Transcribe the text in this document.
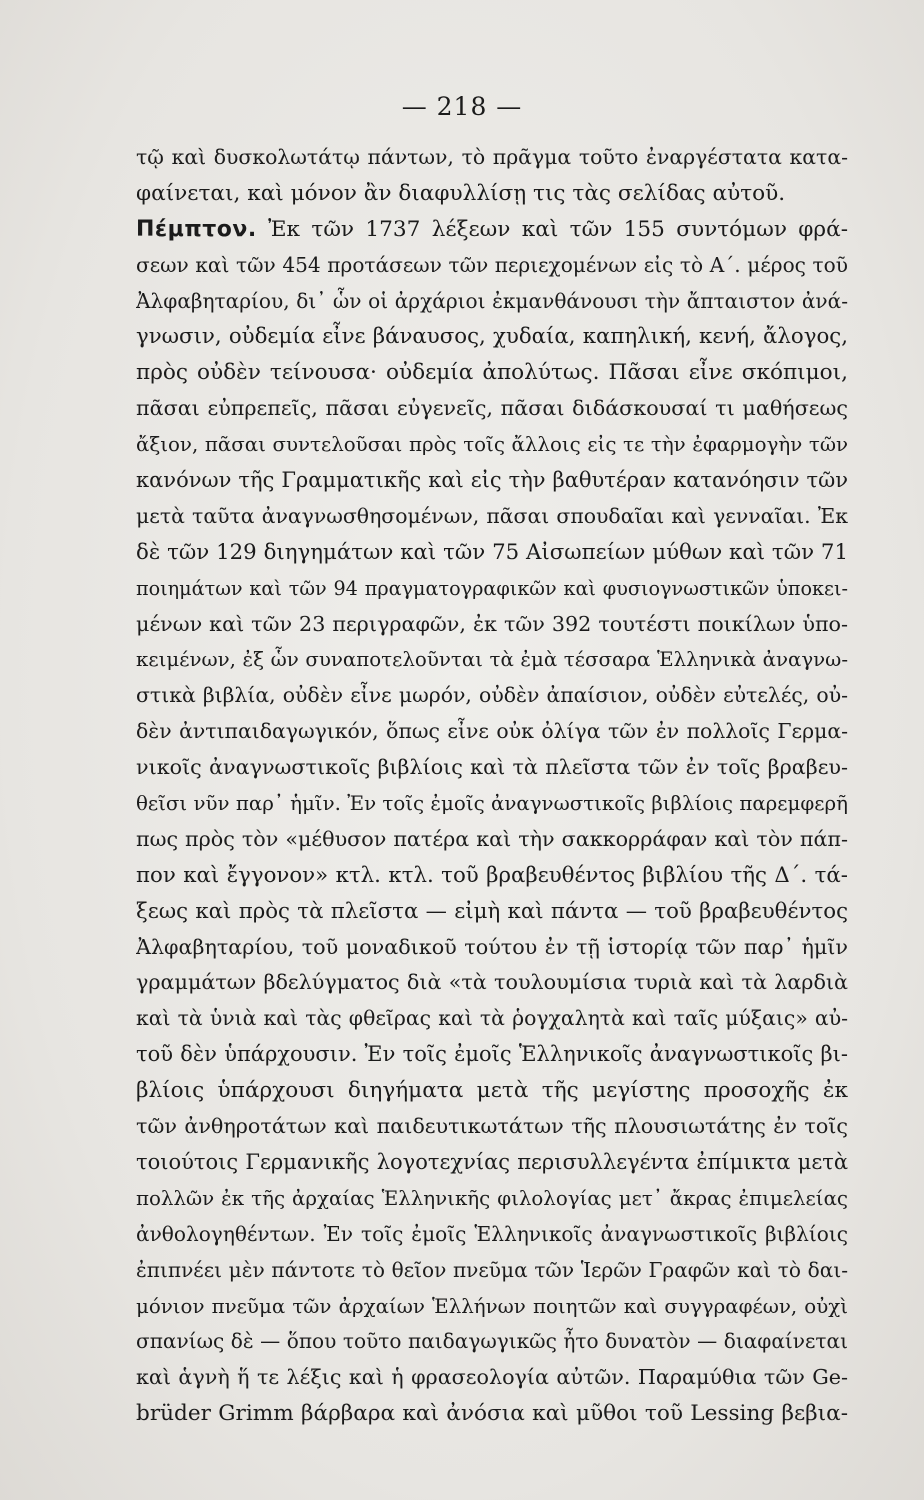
— 218 —
τῷ καὶ δυσκολωτάτῳ πάντων, τὸ πρᾶγμα τοῦτο ἐναργέστατα κατα-
φαίνεται, καὶ μόνον ἂν διαφυλλίσῃ τις τὰς σελίδας αὐτοῦ.
Πέμπτον. Ἐκ τῶν 1737 λέξεων καὶ τῶν 155 συντόμων φρά-
σεων καὶ τῶν 454 προτάσεων τῶν περιεχομένων εἰς τὸ Α΄. μέρος τοῦ
Ἀλφαβηταρίου, δι᾽ ὧν οἱ ἀρχάριοι ἐκμανθάνουσι τὴν ἄπταιστον ἀνά-
γνωσιν, οὐδεμία εἶνε βάναυσος, χυδαία, καπηλική, κενή, ἄλογος,
πρὸς οὐδὲν τείνουσα· οὐδεμία ἀπολύτως. Πᾶσαι εἶνε σκόπιμοι,
πᾶσαι εὐπρεπεῖς, πᾶσαι εὐγενεῖς, πᾶσαι διδάσκουσαί τι μαθήσεως
ἄξιον, πᾶσαι συντελοῦσαι πρὸς τοῖς ἄλλοις εἰς τε τὴν ἐφαρμογὴν τῶν
κανόνων τῆς Γραμματικῆς καὶ εἰς τὴν βαθυτέραν κατανόησιν τῶν
μετὰ ταῦτα ἀναγνωσθησομένων, πᾶσαι σπουδαῖαι καὶ γενναῖαι. Ἐκ
δὲ τῶν 129 διηγημάτων καὶ τῶν 75 Αἰσωπείων μύθων καὶ τῶν 71
ποιημάτων καὶ τῶν 94 πραγματογραφικῶν καὶ φυσιογνωστικῶν ὑποκει-
μένων καὶ τῶν 23 περιγραφῶν, ἐκ τῶν 392 τουτέστι ποικίλων ὑπο-
κειμένων, ἐξ ὧν συναποτελοῦνται τὰ ἐμὰ τέσσαρα Ἑλληνικὰ ἀναγνω-
στικὰ βιβλία, οὐδὲν εἶνε μωρόν, οὐδὲν ἀπαίσιον, οὐδὲν εὐτελές, οὐ-
δὲν ἀντιπαιδαγωγικόν, ὅπως εἶνε οὐκ ὀλίγα τῶν ἐν πολλοῖς Γερμα-
νικοῖς ἀναγνωστικοῖς βιβλίοις καὶ τὰ πλεῖστα τῶν ἐν τοῖς βραβευ-
θεῖσι νῦν παρ᾽ ἡμῖν. Ἐν τοῖς ἐμοῖς ἀναγνωστικοῖς βιβλίοις παρεμφερῆ
πως πρὸς τὸν «μέθυσον πατέρα καὶ τὴν σακκορράφαν καὶ τὸν πάπ-
πον καὶ ἔγγονον» κτλ. κτλ. τοῦ βραβευθέντος βιβλίου τῆς Δ΄. τά-
ξεως καὶ πρὸς τὰ πλεῖστα — εἰμὴ καὶ πάντα — τοῦ βραβευθέντος
Ἀλφαβηταρίου, τοῦ μοναδικοῦ τούτου ἐν τῇ ἱστορίᾳ τῶν παρ᾽ ἡμῖν
γραμμάτων βδελύγματος διὰ «τὰ τουλουμίσια τυριὰ καὶ τὰ λαρδιὰ
καὶ τὰ ὑνιὰ καὶ τὰς φθεῖρας καὶ τὰ ῥογχαλητὰ καὶ ταῖς μύξαις» αὐ-
τοῦ δὲν ὑπάρχουσιν. Ἐν τοῖς ἐμοῖς Ἑλληνικοῖς ἀναγνωστικοῖς βι-
βλίοις ὑπάρχουσι διηγήματα μετὰ τῆς μεγίστης προσοχῆς ἐκ
τῶν ἀνθηροτάτων καὶ παιδευτικωτάτων τῆς πλουσιωτάτης ἐν τοῖς
τοιούτοις Γερμανικῆς λογοτεχνίας περισυλλεγέντα ἐπίμικτα μετὰ
πολλῶν ἐκ τῆς ἀρχαίας Ἑλληνικῆς φιλολογίας μετ᾽ ἄκρας ἐπιμελείας
ἀνθολογηθέντων. Ἐν τοῖς ἐμοῖς Ἑλληνικοῖς ἀναγνωστικοῖς βιβλίοις
ἐπιπνέει μὲν πάντοτε τὸ θεῖον πνεῦμα τῶν Ἱερῶν Γραφῶν καὶ τὸ δαι-
μόνιον πνεῦμα τῶν ἀρχαίων Ἑλλήνων ποιητῶν καὶ συγγραφέων, οὐχὶ
σπανίως δὲ — ὅπου τοῦτο παιδαγωγικῶς ἦτο δυνατὸν — διαφαίνεται
καὶ ἁγνὴ ἥ τε λέξις καὶ ἡ φρασεολογία αὐτῶν. Παραμύθια τῶν Ge-
brüder Grimm βάρβαρα καὶ ἀνόσια καὶ μῦθοι τοῦ Lessing βεβια-
